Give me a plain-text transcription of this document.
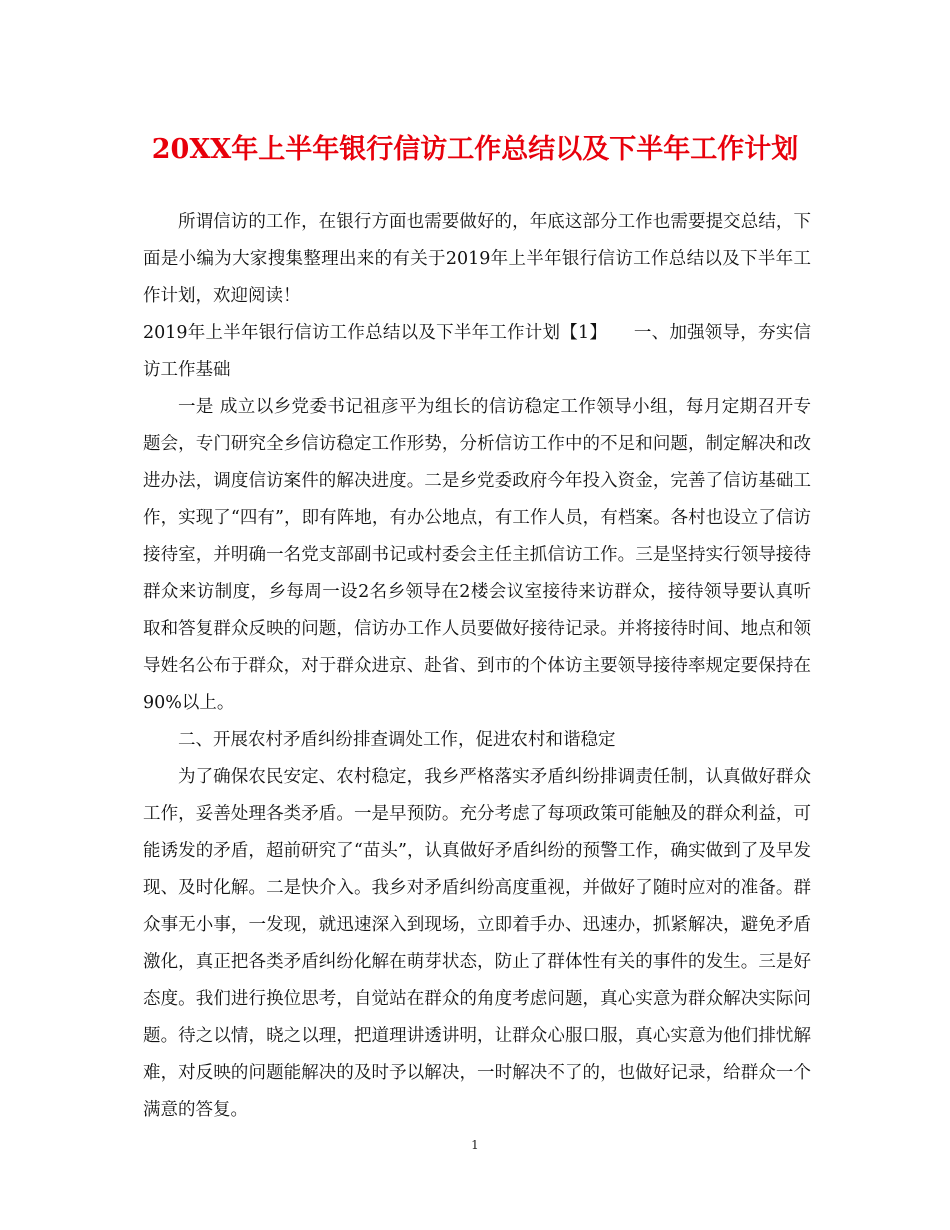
20XX年上半年银行信访工作总结以及下半年工作计划

所谓信访的工作，在银行方面也需要做好的，年底这部分工作也需要提交总结，下面是小编为大家搜集整理出来的有关于2019年上半年银行信访工作总结以及下半年工作计划，欢迎阅读！

2019年上半年银行信访工作总结以及下半年工作计划【1】　　一、加强领导，夯实信访工作基础

一是 成立以乡党委书记祖彦平为组长的信访稳定工作领导小组，每月定期召开专题会，专门研究全乡信访稳定工作形势，分析信访工作中的不足和问题，制定解决和改进办法，调度信访案件的解决进度。二是乡党委政府今年投入资金，完善了信访基础工作，实现了“四有”，即有阵地，有办公地点，有工作人员，有档案。各村也设立了信访接待室，并明确一名党支部副书记或村委会主任主抓信访工作。三是坚持实行领导接待群众来访制度，乡每周一设2名乡领导在2楼会议室接待来访群众，接待领导要认真听取和答复群众反映的问题，信访办工作人员要做好接待记录。并将接待时间、地点和领导姓名公布于群众，对于群众进京、赴省、到市的个体访主要领导接待率规定要保持在90%以上。

二、开展农村矛盾纠纷排查调处工作，促进农村和谐稳定

为了确保农民安定、农村稳定，我乡严格落实矛盾纠纷排调责任制，认真做好群众工作，妥善处理各类矛盾。一是早预防。充分考虑了每项政策可能触及的群众利益，可能诱发的矛盾，超前研究了“苗头”，认真做好矛盾纠纷的预警工作，确实做到了及早发现、及时化解。二是快介入。我乡对矛盾纠纷高度重视，并做好了随时应对的准备。群众事无小事，一发现，就迅速深入到现场，立即着手办、迅速办，抓紧解决，避免矛盾激化，真正把各类矛盾纠纷化解在萌芽状态，防止了群体性有关的事件的发生。三是好态度。我们进行换位思考，自觉站在群众的角度考虑问题，真心实意为群众解决实际问题。待之以情，晓之以理，把道理讲透讲明，让群众心服口服，真心实意为他们排忧解难，对反映的问题能解决的及时予以解决，一时解决不了的，也做好记录，给群众一个满意的答复。

1
